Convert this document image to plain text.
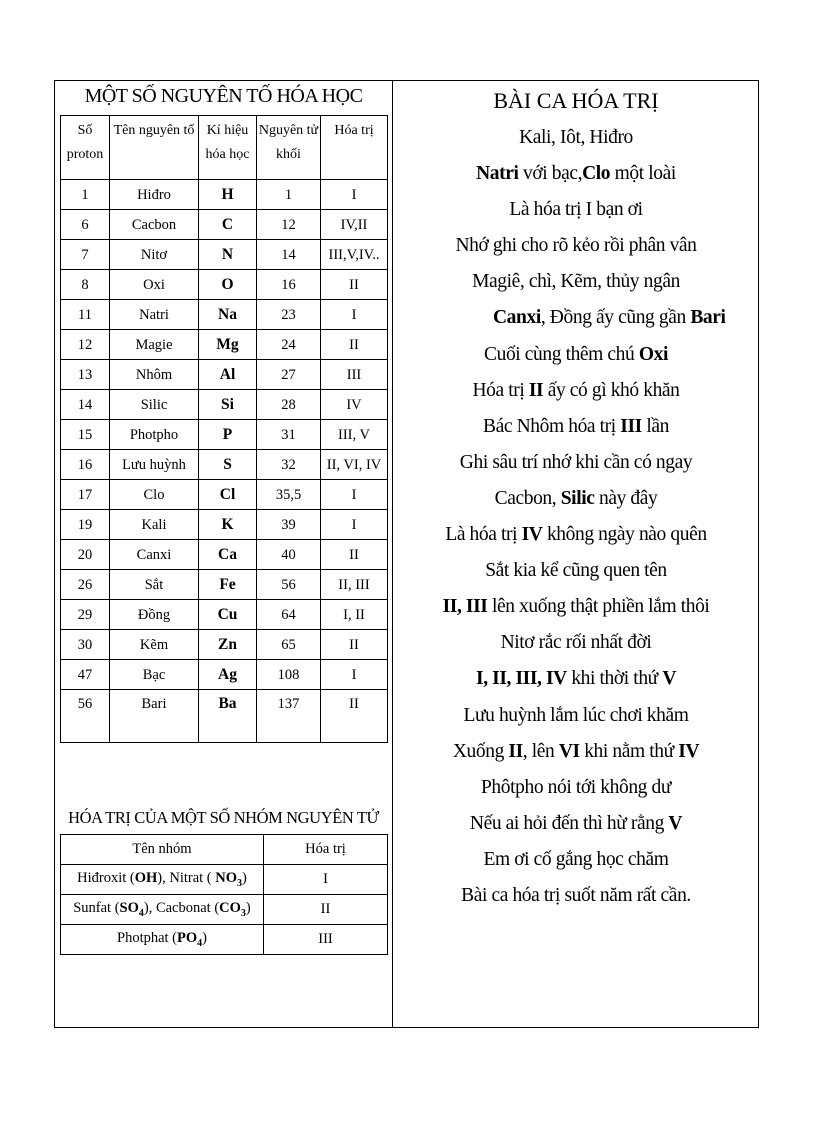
MỘT SỐ NGUYÊN TỐ HÓA HỌC
Số proton	Tên nguyên tố	Kí hiệu hóa học	Nguyên tử khối	Hóa trị
1	Hiđro	H	1	I
6	Cacbon	C	12	IV,II
7	Nitơ	N	14	III,V,IV..
8	Oxi	O	16	II
11	Natri	Na	23	I
12	Magie	Mg	24	II
13	Nhôm	Al	27	III
14	Silic	Si	28	IV
15	Photpho	P	31	III, V
16	Lưu huỳnh	S	32	II, VI, IV
17	Clo	Cl	35,5	I
19	Kali	K	39	I
20	Canxi	Ca	40	II
26	Sắt	Fe	56	II, III
29	Đồng	Cu	64	I, II
30	Kẽm	Zn	65	II
47	Bạc	Ag	108	I
56	Bari	Ba	137	II
HÓA TRỊ CỦA MỘT SỐ NHÓM NGUYÊN TỬ
Tên nhóm	Hóa trị
Hiđroxit (OH), Nitrat ( $NO_3$)	I
Sunfat $(SO_4)$, Cacbonat $(CO_3)$	II
Photphat $(PO_4)$	III
BÀI CA HÓA TRỊ
Kali, Iôt, Hiđro
Natri với bạc,Clo một loài
Là hóa trị I bạn ơi
Nhớ ghi cho rõ kẻo rồi phân vân
Magiê, chì, Kẽm, thủy ngân
Canxi, Đồng ấy cũng gần Bari
Cuối cùng thêm chú Oxi
Hóa trị II ấy có gì khó khăn
Bác Nhôm hóa trị III lần
Ghi sâu trí nhớ khi cần có ngay
Cacbon, Silic này đây
Là hóa trị IV không ngày nào quên
Sắt kia kể cũng quen tên
II, III lên xuống thật phiền lắm thôi
Nitơ rắc rối nhất đời
I, II, III, IV khi thời thứ V
Lưu huỳnh lắm lúc chơi khăm
Xuống II, lên VI khi nằm thứ IV
Phôtpho nói tới không dư
Nếu ai hỏi đến thì hừ rằng V
Em ơi cố gắng học chăm
Bài ca hóa trị suốt năm rất cần.
